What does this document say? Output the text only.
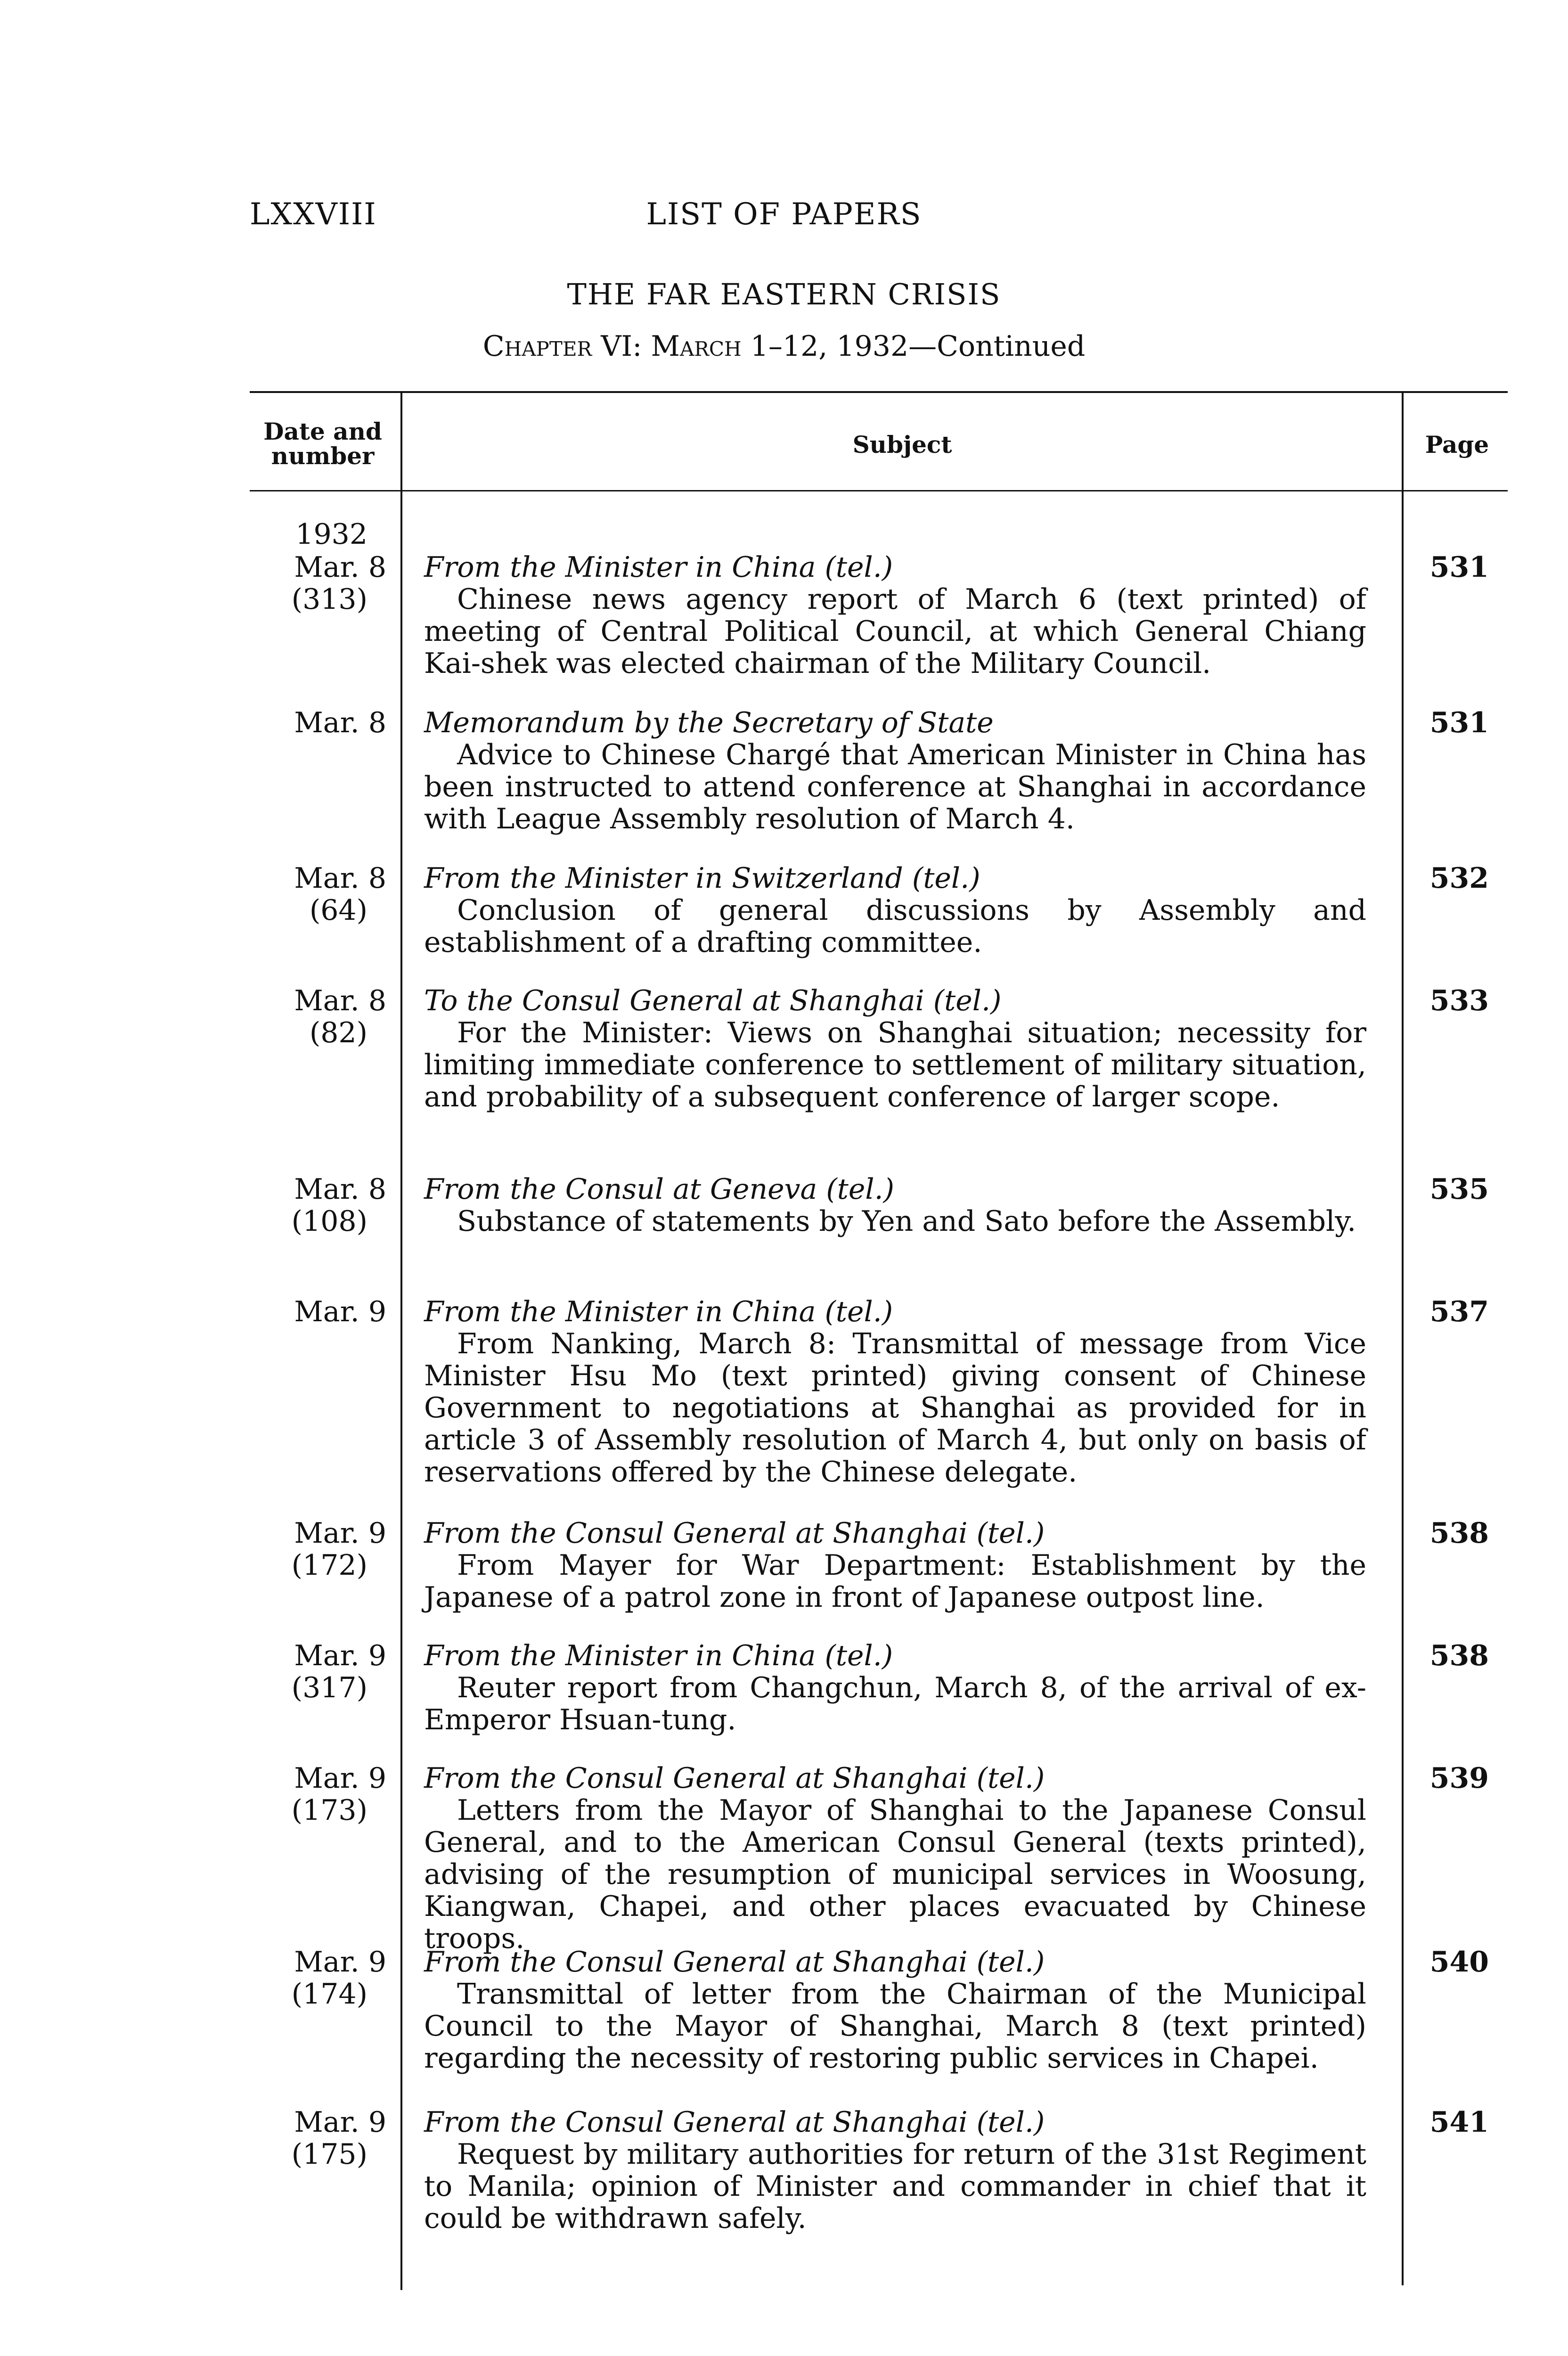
LXXVIII	LIST OF PAPERS
THE FAR EASTERN CRISIS
Chapter VI: March 1–12, 1932—Continued
Date and number	Subject	Page
1932
Mar. 8
(313)
From the Minister in China (tel.)
Chinese news agency report of March 6 (text printed) of meeting of Central Political Council, at which General Chiang Kai-shek was elected chairman of the Military Council.
531
Mar. 8 Memorandum by the Secretary of State
Advice to Chinese Chargé that American Minister in China has been instructed to attend conference at Shanghai in accordance with League Assembly resolution of March 4.
531
Mar. 8
(64)
From the Minister in Switzerland (tel.)
Conclusion of general discussions by Assembly and establishment of a drafting committee.
532
Mar. 8
(82)
To the Consul General at Shanghai (tel.)
For the Minister: Views on Shanghai situation; necessity for limiting immediate conference to settlement of military situation, and probability of a subsequent conference of larger scope.
533
Mar. 8
(108)
From the Consul at Geneva (tel.)
Substance of statements by Yen and Sato before the Assembly.
535
Mar. 9 From the Minister in China (tel.)
From Nanking, March 8: Transmittal of message from Vice Minister Hsu Mo (text printed) giving consent of Chinese Government to negotiations at Shanghai as provided for in article 3 of Assembly resolution of March 4, but only on basis of reservations offered by the Chinese delegate.
537
Mar. 9
(172)
From the Consul General at Shanghai (tel.)
From Mayer for War Department: Establishment by the Japanese of a patrol zone in front of Japanese outpost line.
538
Mar. 9
(317)
From the Minister in China (tel.)
Reuter report from Changchun, March 8, of the arrival of ex-Emperor Hsuan-tung.
538
Mar. 9
(173)
From the Consul General at Shanghai (tel.)
Letters from the Mayor of Shanghai to the Japanese Consul General, and to the American Consul General (texts printed), advising of the resumption of municipal services in Woosung, Kiangwan, Chapei, and other places evacuated by Chinese troops.
539
Mar. 9
(174)
From the Consul General at Shanghai (tel.)
Transmittal of letter from the Chairman of the Municipal Council to the Mayor of Shanghai, March 8 (text printed) regarding the necessity of restoring public services in Chapei.
540
Mar. 9
(175)
From the Consul General at Shanghai (tel.)
Request by military authorities for return of the 31st Regiment to Manila; opinion of Minister and commander in chief that it could be withdrawn safely.
541
